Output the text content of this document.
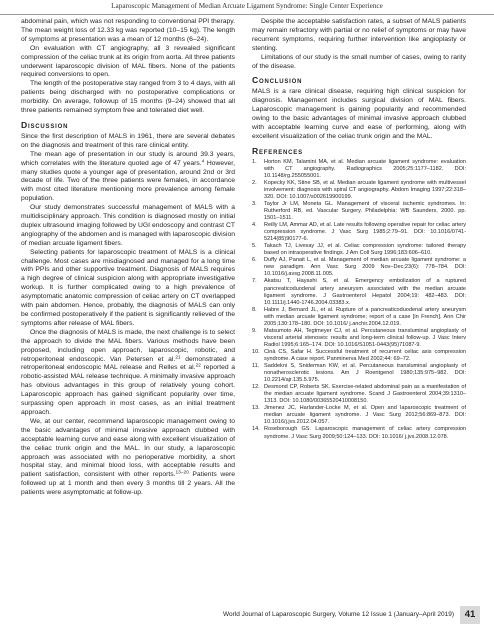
Laparoscopic Management of Median Arcuate Ligament Syndrome: Single Center Experience

abdominal pain, which was not responding to conventional PPI therapy. The mean weight loss of 12.33 kg was reported (10–15 kg). The length of symptoms at presentation was a mean of 12 months (6–24).

On evaluation with CT angiography, all 3 revealed significant compression of the celiac trunk at its origin from aorta. All three patients underwent laparoscopic division of MAL fibers. None of the patients required conversions to open.

The length of the postoperative stay ranged from 3 to 4 days, with all patients being discharged with no postoperative complications or morbidity. On average, followup of 15 months (9–24) showed that all three patients remained symptom free and tolerated diet well.

Discussion

Since the first description of MALS in 1961, there are several debates on the diagnosis and treatment of this rare clinical entity.

The mean age of presentation in our study is around 39.3 years, which correlates with the literature quoted age of 47 years.$^4$ However, many studies quote a younger age of presentation, around 2nd or 3rd decade of life. Two of the three patients were females, in accordance with most cited literature mentioning more prevalence among female population.

Our study demonstrates successful management of MALS with a multidisciplinary approach. This condition is diagnosed mostly on initial duplex ultrasound imaging followed by UGI endoscopy and contrast CT angiography of the abdomen and is managed with laparoscopic division of median arcuate ligament fibers.

Selecting patients for laparoscopic treatment of MALS is a clinical challenge. Most cases are misdiagnosed and managed for a long time with PPIs and other supportive treatment. Diagnosis of MALS requires a high degree of clinical suspicion along with appropriate investigative workup. It is further complicated owing to a high prevalence of asymptomatic anatomic compression of celiac artery on CT overlapped with pain abdomen. Hence, probably, the diagnosis of MALS can only be confirmed postoperatively if the patient is significantly relieved of the symptoms after release of MAL fibers.

Once the diagnosis of MALS is made, the next challenge is to select the approach to divide the MAL fibers. Various methods have been proposed, including open approach, laparoscopic, robotic, and retroperitoneal endoscopic. Van Petersen et al.$^{21}$ demonstrated a retroperitoneal endoscopic MAL release and Relles et al.$^{22}$ reported a robotic-assisted MAL release technique. A minimally invasive approach has obvious advantages in this group of relatively young cohort. Laparoscopic approach has gained significant popularity over time, surpassing open approach in most cases, as an initial treatment approach.

We, at our center, recommend laparoscopic management owing to the basic advantages of minimal invasive approach clubbed with acceptable learning curve and ease along with excellent visualization of the celiac trunk origin and the MAL. In our study, a laparoscopic approach was associated with no perioperative morbidity, a short hospital stay, and minimal blood loss, with acceptable results and patient satisfaction, consistent with other reports.$^{13-20}$ Patients were followed up at 1 month and then every 3 months till 2 years. All the patients were asymptomatic at follow-up.

Despite the acceptable satisfaction rates, a subset of MALS patients may remain refractory with partial or no relief of symptoms or may have recurrent symptoms, requiring further intervention like angioplasty or stenting.

Limitations of our study is the small number of cases, owing to rarity of the disease.

Conclusion

MALS is a rare clinical disease, requiring high clinical suspicion for diagnosis. Management includes surgical division of MAL fibers. Laparoscopic management is gaining popularity and recommended owing to the basic advantages of minimal invasive approach clubbed with acceptable learning curve and ease of performing, along with excellent visualization of the celiac trunk origin and the MAL.

References
1. Horton KM, Talamini MA, et al. Median arcuate ligament syndrome: evaluation with CT angiography. Radiographics 2005;25:1177–1182. DOI: 10.1148/rg.255055001.
2. Kopecky KK, Stine SB, et al. Median arcuate ligament syndrome with multivessel involvement: diagnosis with spiral CT angiography. Abdom Imaging 1997;22:318–320. DOI: 10.1007/s002619900199.
3. Taylor Jr LM, Moneta GL. Management of visceral ischemic syndromes. In: Rutherford RB, ed. Vascular Surgery. Philadelphia: WB Saunders, 2000. pp. 1501–1511.
4. Reilly LM, Ammar AD, et al. Late results following operative repair for celiac artery compression syndrome. J Vasc Surg 1985;2:79–91. DOI: 10.1016/0741-5214(85)90177-6.
5. Takach TJ, Livesay JJ, et al. Celiac compression syndrome: tailored therapy based on intraoperative findings. J Am Coll Surg 1996;183:606–610.
6. Duffy AJ, Panait L, et al. Management of median arcuate ligament syndrome: a new paradigm. Ann Vasc Surg 2009 Nov–Dec;23(6): 778–784. DOI: 10.1016/j.avsg.2008.11.005.
7. Akatsu T, Hayashi S, et al. Emergency embolization of a ruptured pancreaticoduodenal artery aneurysm associated with the median arcuate ligament syndrome. J Gastroenterol Hepatol 2004;19: 482–483. DOI: 10.1111/j.1440-1746.2004.03383.x.
8. Habre J, Bernard JL, et al. Rupture of a pancreaticoduodenal artery aneurysm with median arcuate ligament syndrome; report of a case [in French]. Ann Chir 2005;130:178–180. DOI: 10.1016/ j.anchir.2004.12.019.
9. Matsumoto AH, Tegtmeyer CJ, et al. Percutaneous transluminal angioplasty of visceral arterial stenoses: results and long-term clinical follow-up. J Vasc Interv Radiol 1995;6:165–174. DOI: 10.1016/S1051-0443(95)71087-9.
10. Cinà CS, Safar H. Successful treatment of recurrent celiac axis compression syndrome. A case report. Panminerva Med 2002;44: 69–72.
11. Saddekni S, Sniderman KW, et al. Percutaneous transluminal angioplasty of nonatherosclerotic lesions. Am J Roentgenol 1980;135:975–982. DOI: 10.2214/ajr.135.5.975.
12. Desmond CP, Roberts SK. Exercise-related abdominal pain as a manifestation of the median arcuate ligament syndrome. Scand J Gastroenterol 2004;39:1310–1313. DOI: 10.1080/00365520410008150.
13. Jimenez JC, Harlander-Locke M, et al. Open and laparoscopic treatment of median arcuate ligament syndrome. J Vasc Surg 2012;56:869–873. DOI: 10.1016/j.jvs.2012.04.057.
14. Roseborough GS. Laparoscopic management of celiac artery compression syndrome. J Vasc Surg 2009;50:124–133. DOI: 10.1016/ j.jvs.2008.12.078.
World Journal of Laparoscopic Surgery, Volume 12 Issue 1 (January–April 2019)	41
